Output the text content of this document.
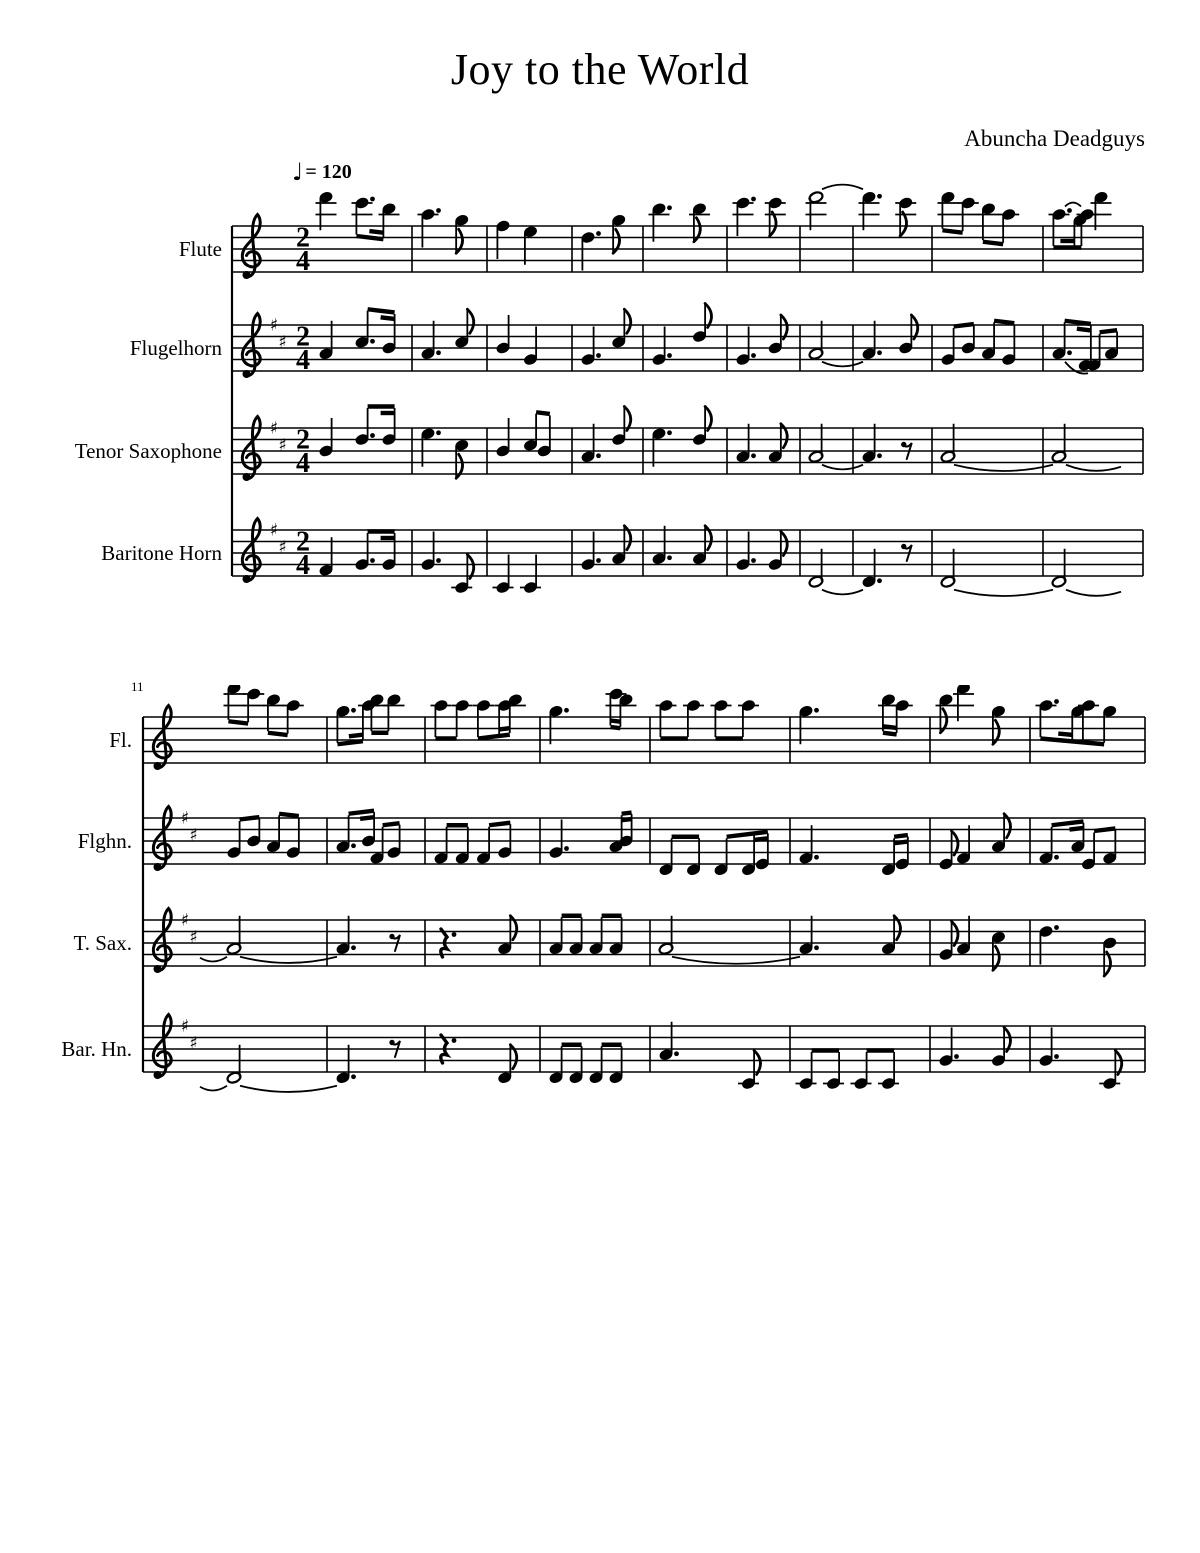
Joy to the World
Abuncha Deadguys
♩ = 120
11
Flute
Flugelhorn
Tenor Saxophone
Baritone Horn
Fl.
Flghn.
T. Sax.
Bar. Hn.
2
4
♯
♯ 2
4
♯
♯ 2
4
♯
♯ 2
4
♯
♯
♯
♯
♯
♯
